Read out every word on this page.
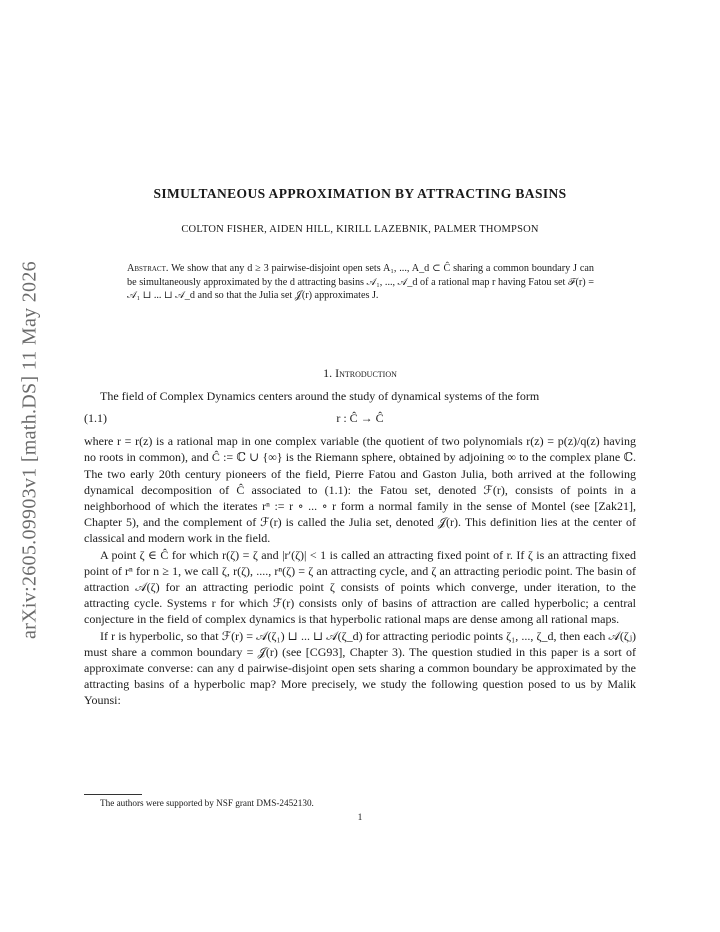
arXiv:2605.09903v1 [math.DS] 11 May 2026
SIMULTANEOUS APPROXIMATION BY ATTRACTING BASINS
COLTON FISHER, AIDEN HILL, KIRILL LAZEBNIK, PALMER THOMPSON
Abstract. We show that any d ≥ 3 pairwise-disjoint open sets A₁, ..., A_d ⊂ Ĉ sharing a common boundary J can be simultaneously approximated by the d attracting basins 𝒜₁, ..., 𝒜_d of a rational map r having Fatou set ℱ(r) = 𝒜₁ ⊔ ... ⊔ 𝒜_d and so that the Julia set 𝒥(r) approximates J.
1. Introduction

The field of Complex Dynamics centers around the study of dynamical systems of the form

(1.1)	r : Ĉ → Ĉ

where r = r(z) is a rational map in one complex variable (the quotient of two polynomials r(z) = p(z)/q(z) having no roots in common), and Ĉ := ℂ ∪ {∞} is the Riemann sphere, obtained by adjoining ∞ to the complex plane ℂ. The two early 20th century pioneers of the field, Pierre Fatou and Gaston Julia, both arrived at the following dynamical decomposition of Ĉ associated to (1.1): the Fatou set, denoted ℱ(r), consists of points in a neighborhood of which the iterates rⁿ := r ∘ ... ∘ r form a normal family in the sense of Montel (see [Zak21], Chapter 5), and the complement of ℱ(r) is called the Julia set, denoted 𝒥(r). This definition lies at the center of classical and modern work in the field.

A point ζ ∈ Ĉ for which r(ζ) = ζ and |r′(ζ)| < 1 is called an attracting fixed point of r. If ζ is an attracting fixed point of rⁿ for n ≥ 1, we call ζ, r(ζ), ...., rⁿ(ζ) = ζ an attracting cycle, and ζ an attracting periodic point. The basin of attraction 𝒜(ζ) for an attracting periodic point ζ consists of points which converge, under iteration, to the attracting cycle. Systems r for which ℱ(r) consists only of basins of attraction are called hyperbolic; a central conjecture in the field of complex dynamics is that hyperbolic rational maps are dense among all rational maps.

If r is hyperbolic, so that ℱ(r) = 𝒜(ζ₁) ⊔ ... ⊔ 𝒜(ζ_d) for attracting periodic points ζ₁, ..., ζ_d, then each 𝒜(ζⱼ) must share a common boundary = 𝒥(r) (see [CG93], Chapter 3). The question studied in this paper is a sort of approximate converse: can any d pairwise-disjoint open sets sharing a common boundary be approximated by the attracting basins of a hyperbolic map? More precisely, we study the following question posed to us by Malik Younsi:

The authors were supported by NSF grant DMS-2452130.
1
